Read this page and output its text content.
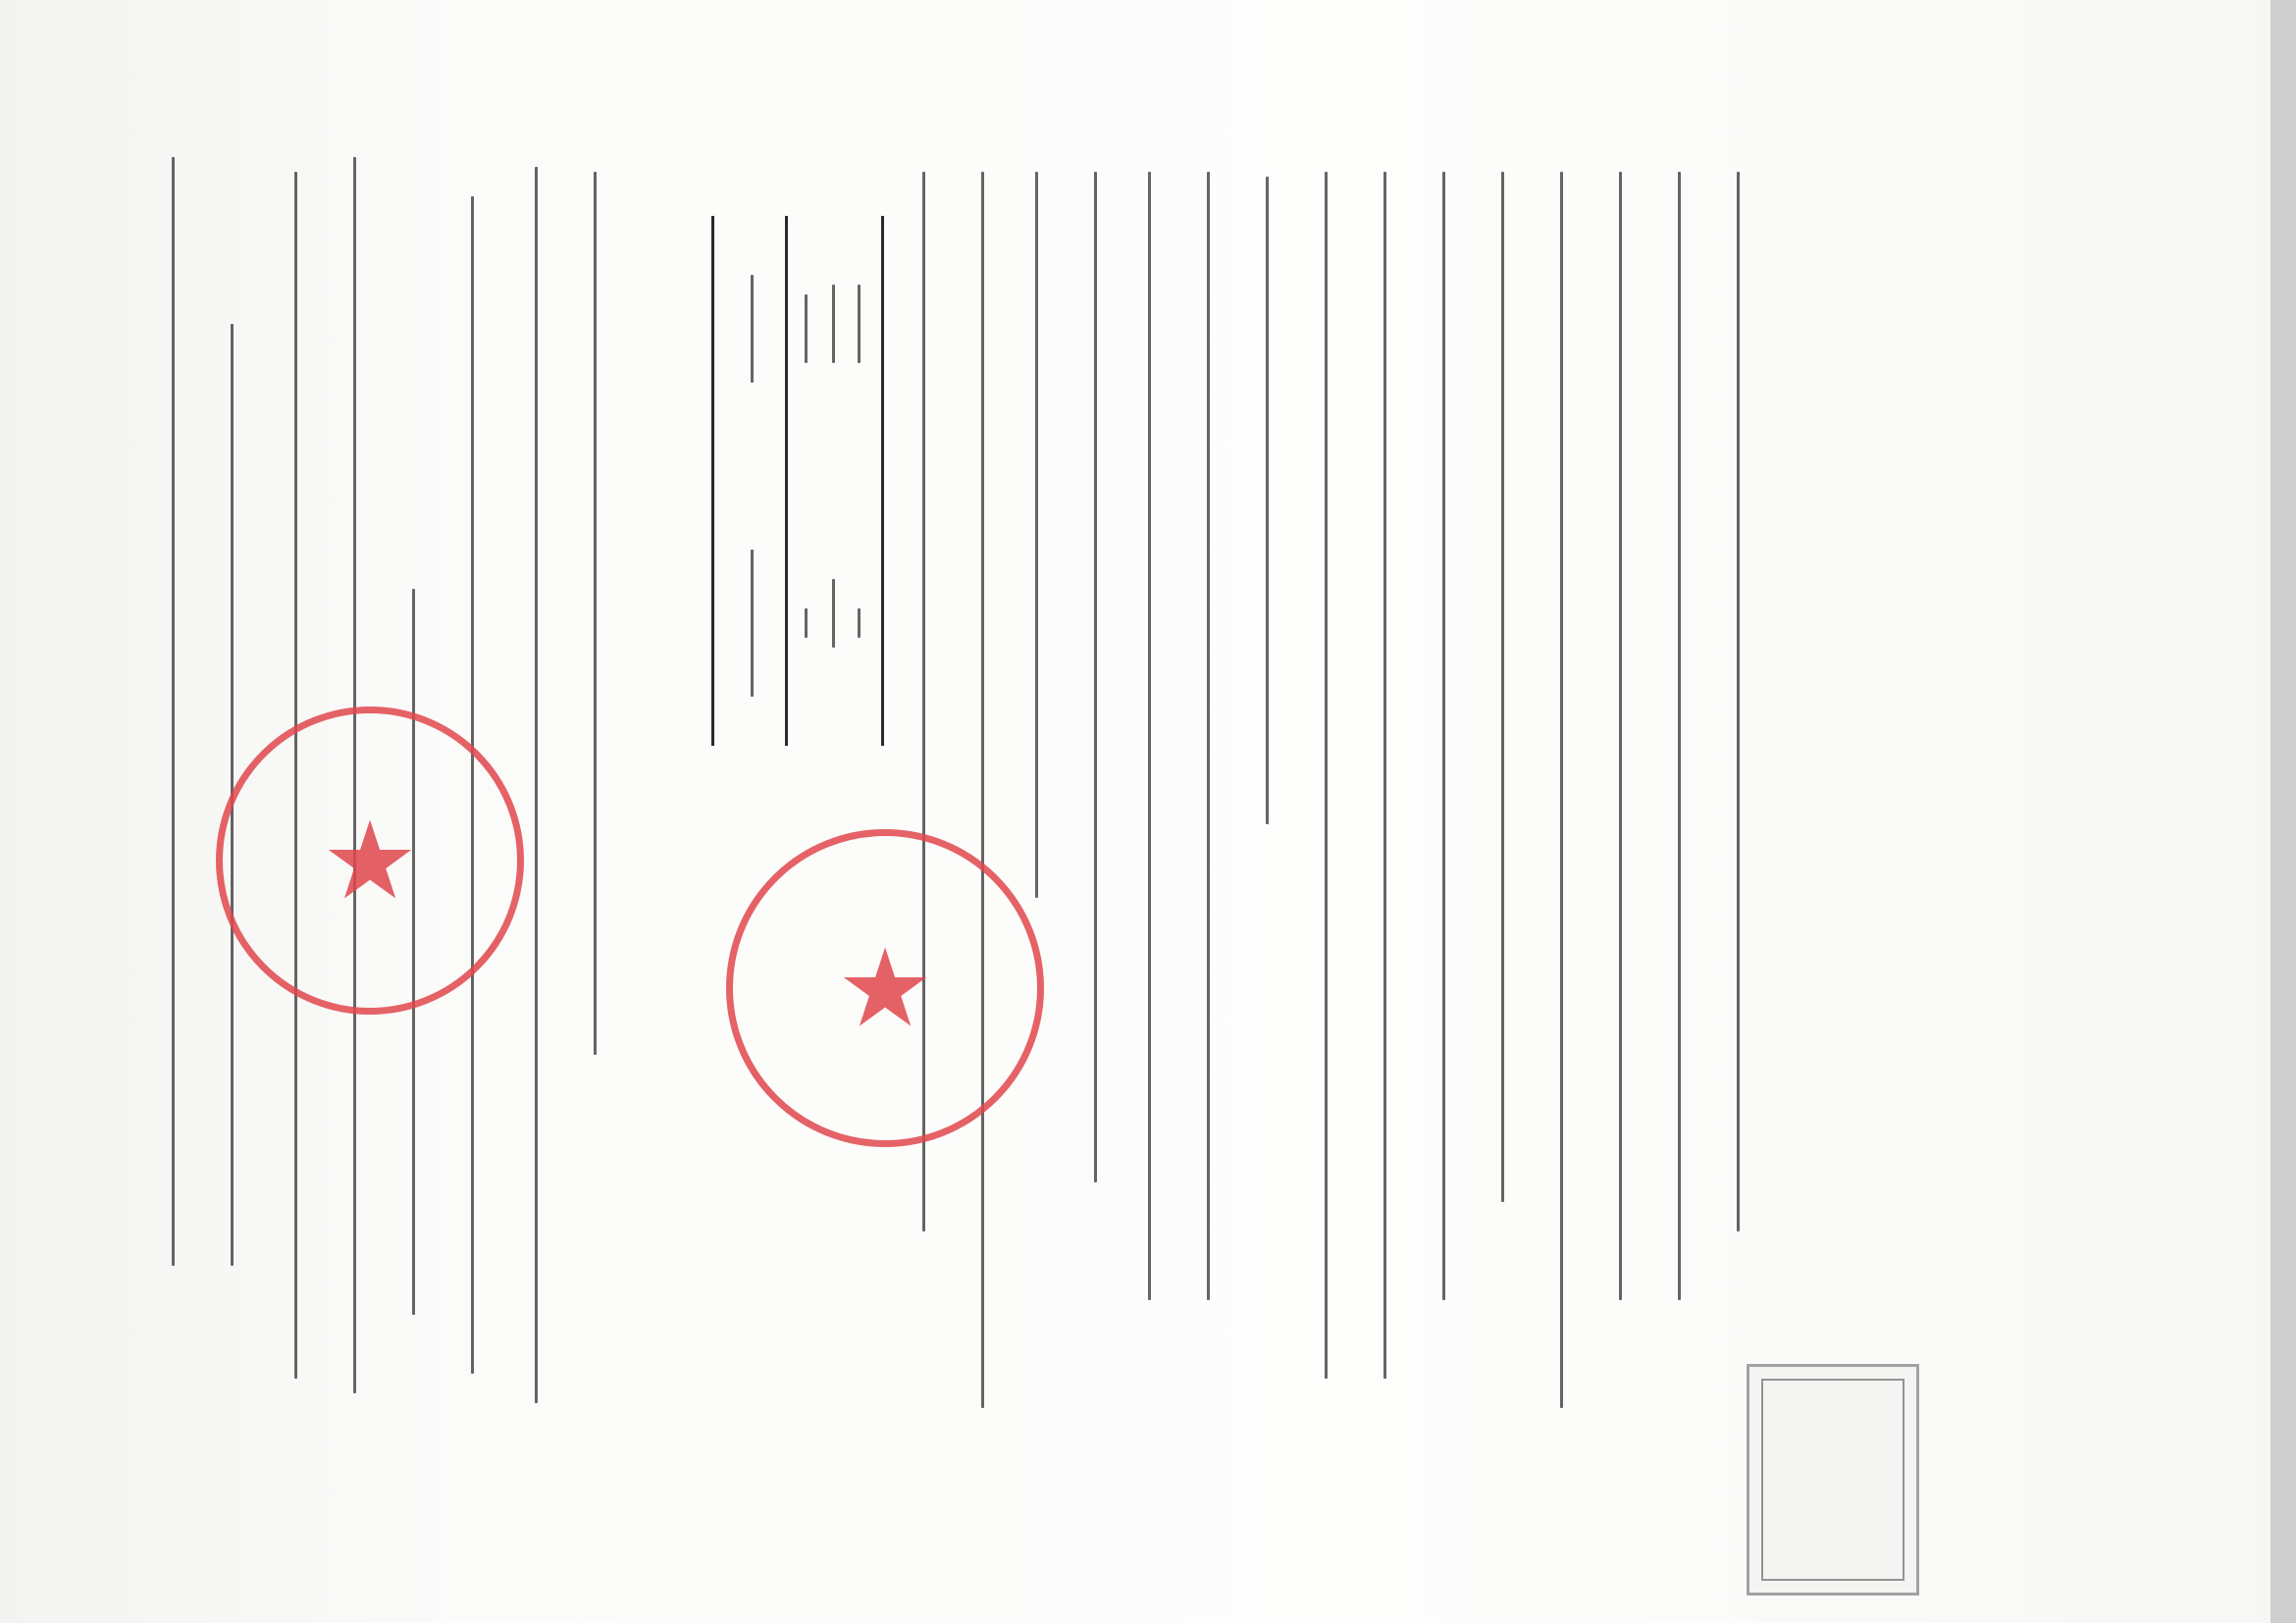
★
★
